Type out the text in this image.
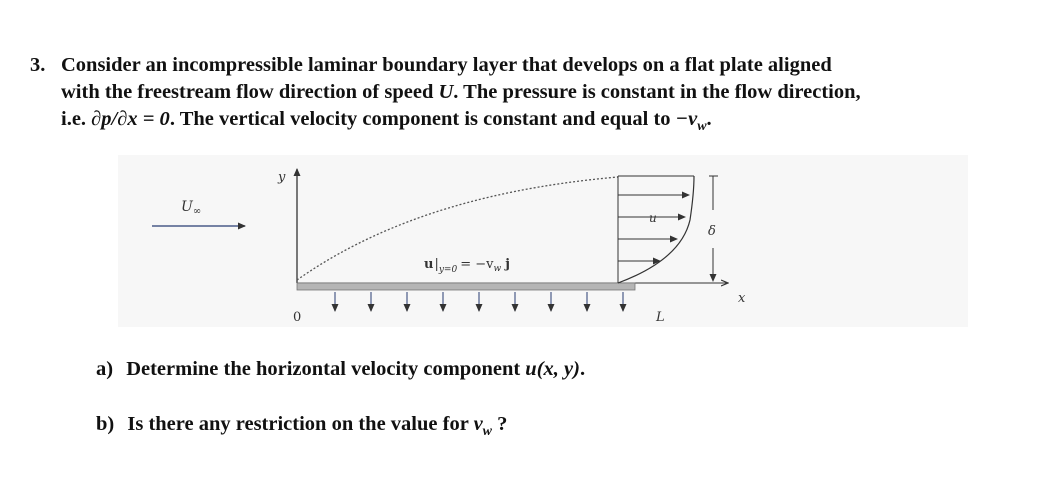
3. Consider an incompressible laminar boundary layer that develops on a flat plate aligned
with the freestream flow direction of speed U. The pressure is constant in the flow direction,
i.e. ∂p/∂x = 0. The vertical velocity component is constant and equal to $-v_w$.
$U_\infty$
y
x
u
δ
$u|_{y=0} = -v_w$ j
0	L
a) Determine the horizontal velocity component u(x, y).
b) Is there any restriction on the value for $v_w$ ?
